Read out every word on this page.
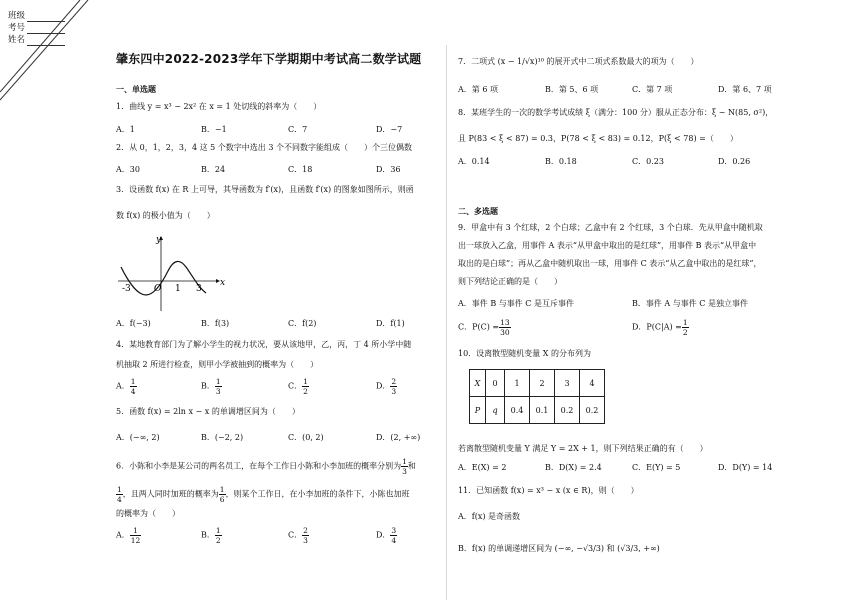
班级
考号
姓名
肇东四中2022-2023学年下学期期中考试高二数学试题
一、单选题
1．曲线 y = x³ − 2x² 在 x = 1 处切线的斜率为（　　）
A．1	B．−1	C．7	D．−7
2．从 0，1，2，3，4 这 5 个数字中选出 3 个不同数字能组成（　　）个三位偶数
A．30	B．24	C．18	D．36
3．设函数 f(x) 在 R 上可导，其导函数为 f′(x)，且函数 f′(x) 的图象如图所示，则函
数 f(x) 的极小值为（　　）
y
x
O
-3	1 3
A．f(−3)	B．f(3)	C．f(2)	D．f(1)
4．某地教育部门为了解小学生的视力状况，要从该地甲，乙，丙，丁 4 所小学中随
机抽取 2 所进行检查，则甲小学被抽到的概率为（　　）
A． $\frac{1}{4}$	B． $\frac{1}{3}$	C． $\frac{1}{2}$	D． $\frac{2}{3}$
5．函数 f(x) = 2ln x − x 的单调增区间为（　　）
A．(−∞, 2)	B．(−2, 2)	C．(0, 2)	D．(2, +∞)
6．小陈和小李是某公司的两名员工，在每个工作日小陈和小李加班的概率分别为 $\frac{1}{3}$ 和
$\frac{1}{4}$ ，且两人同时加班的概率为 $\frac{1}{6}$ ，则某个工作日，在小李加班的条件下，小陈也加班
的概率为（　　）
A． $\frac{1}{12}$	B． $\frac{1}{2}$	C． $\frac{2}{3}$	D． $\frac{3}{4}$
7．二项式 (x − 1/√x)¹⁰ 的展开式中二项式系数最大的项为（　　）
A．第 6 项	B．第 5、6 项	C．第 7 项	D．第 6、7 项
8．某班学生的一次的数学考试成绩 ξ（满分：100 分）服从正态分布：ξ ~ N(85, σ²)，
且 P(83 < ξ < 87) = 0.3，P(78 < ξ < 83) = 0.12，P(ξ < 78) =（　　）
A．0.14	B．0.18	C．0.23	D．0.26
二、多选题
9．甲盒中有 3 个红球，2 个白球；乙盒中有 2 个红球，3 个白球．先从甲盒中随机取
出一球放入乙盒，用事件 A 表示“从甲盒中取出的是红球”，用事件 B 表示“从甲盒中
取出的是白球”；再从乙盒中随机取出一球，用事件 C 表示“从乙盒中取出的是红球”，
则下列结论正确的是（　　）
A．事件 B 与事件 C 是互斥事件	B．事件 A 与事件 C 是独立事件
C．$P(C) = \frac{13}{30}$	D．$P(C|A) = \frac{1}{2}$
10．设离散型随机变量 X 的分布列为
X	0	1	2	3	4
P	q	0.4	0.1	0.2	0.2
若离散型随机变量 Y 满足 Y = 2X + 1，则下列结果正确的有（　　）
A．E(X) = 2	B．D(X) = 2.4	C．E(Y) = 5	D．D(Y) = 14
11．已知函数 f(x) = x³ − x (x ∈ R)，则（　　）
A．f(x) 是奇函数
B．f(x) 的单调递增区间为 (−∞, −√3/3) 和 (√3/3, +∞)
